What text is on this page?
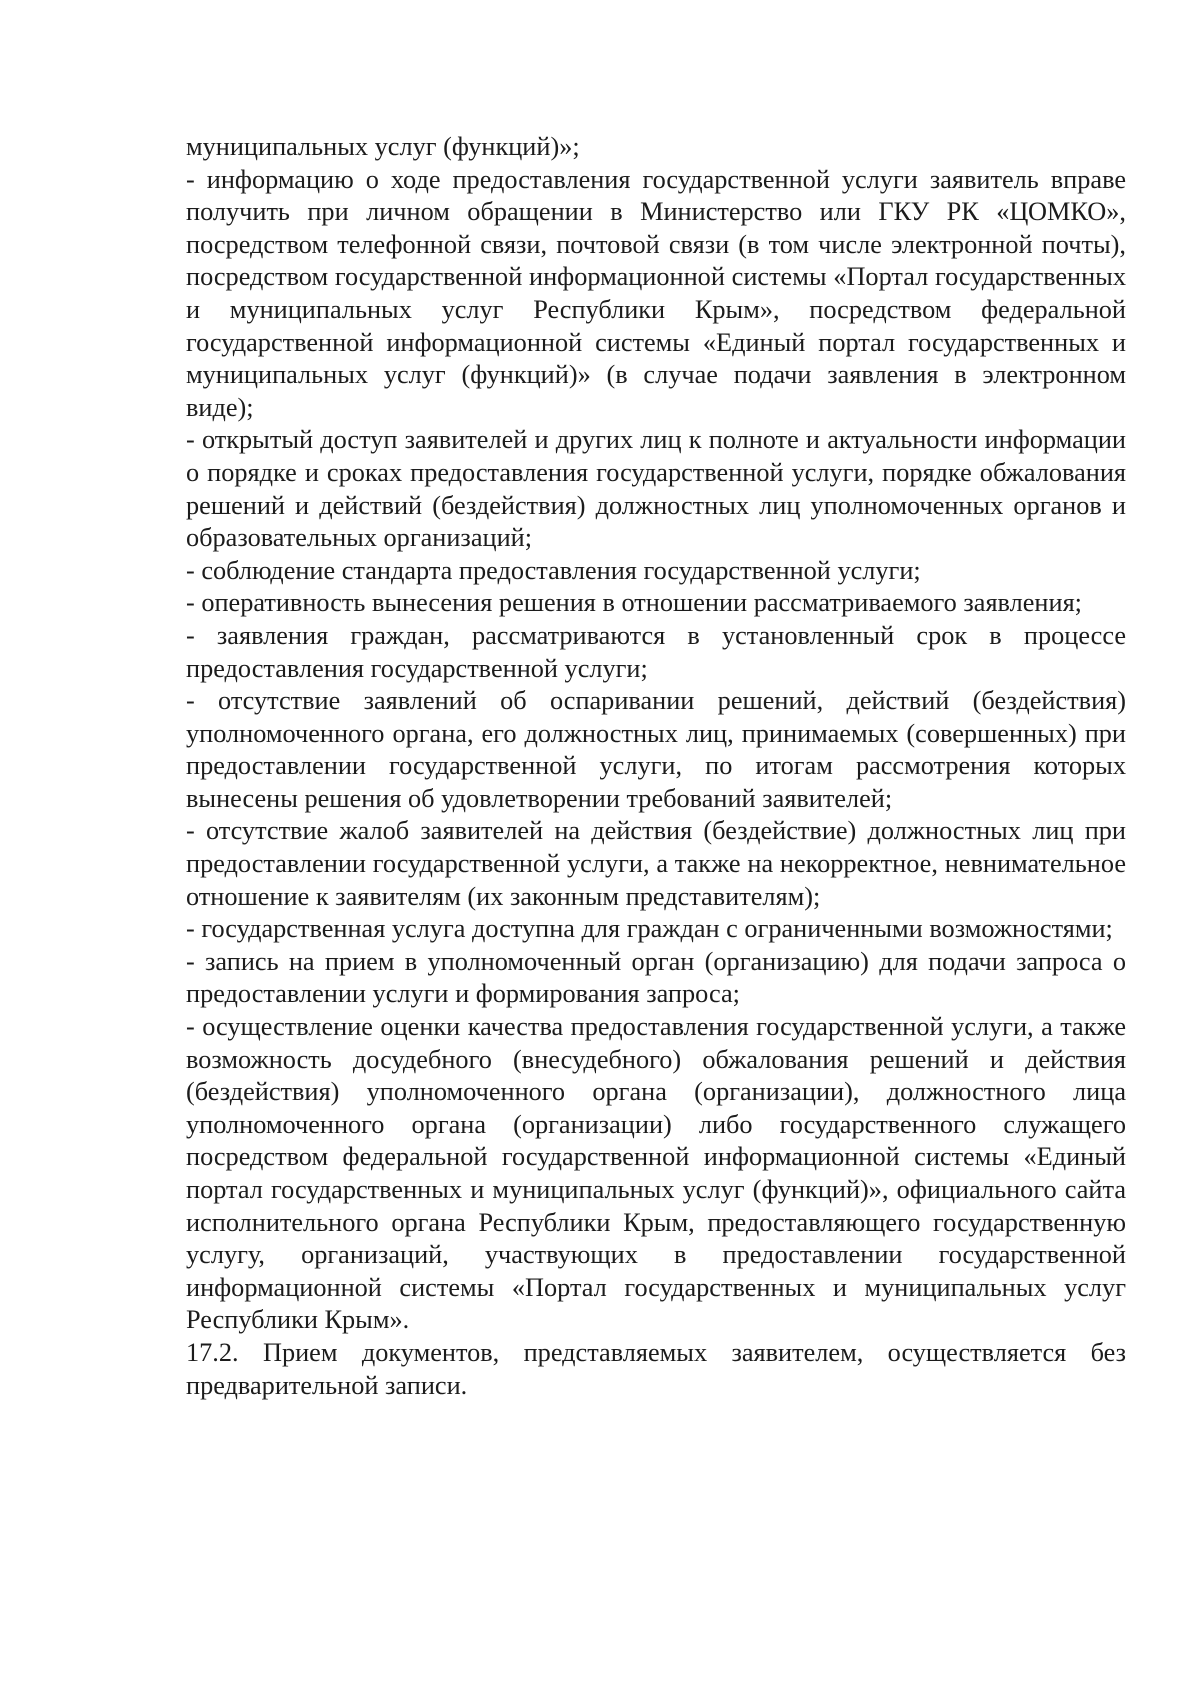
муниципальных услуг (функций)»;

- информацию о ходе предоставления государственной услуги заявитель вправе получить при личном обращении в Министерство или ГКУ РК «ЦОМКО», посредством телефонной связи, почтовой связи (в том числе электронной почты), посредством государственной информационной системы «Портал государственных и муниципальных услуг Республики Крым», посредством федеральной государственной информационной системы «Единый портал государственных и муниципальных услуг (функций)» (в случае подачи заявления в электронном виде);

- открытый доступ заявителей и других лиц к полноте и актуальности информации о порядке и сроках предоставления государственной услуги, порядке обжалования решений и действий (бездействия) должностных лиц уполномоченных органов и образовательных организаций;

- соблюдение стандарта предоставления государственной услуги;

- оперативность вынесения решения в отношении рассматриваемого заявления;

- заявления граждан, рассматриваются в установленный срок в процессе предоставления государственной услуги;

- отсутствие заявлений об оспаривании решений, действий (бездействия) уполномоченного органа, его должностных лиц, принимаемых (совершенных) при предоставлении государственной услуги, по итогам рассмотрения которых вынесены решения об удовлетворении требований заявителей;

- отсутствие жалоб заявителей на действия (бездействие) должностных лиц при предоставлении государственной услуги, а также на некорректное, невнимательное отношение к заявителям (их законным представителям);

- государственная услуга доступна для граждан с ограниченными возможностями;

- запись на прием в уполномоченный орган (организацию) для подачи запроса о предоставлении услуги и формирования запроса;

- осуществление оценки качества предоставления государственной услуги, а также возможность досудебного (внесудебного) обжалования решений и действия (бездействия) уполномоченного органа (организации), должностного лица уполномоченного органа (организации) либо государственного служащего посредством федеральной государственной информационной системы «Единый портал государственных и муниципальных услуг (функций)», официального сайта исполнительного органа Республики Крым, предоставляющего государственную услугу, организаций, участвующих в предоставлении государственной информационной системы «Портал государственных и муниципальных услуг Республики Крым».

17.2. Прием документов, представляемых заявителем, осуществляется без предварительной записи.
